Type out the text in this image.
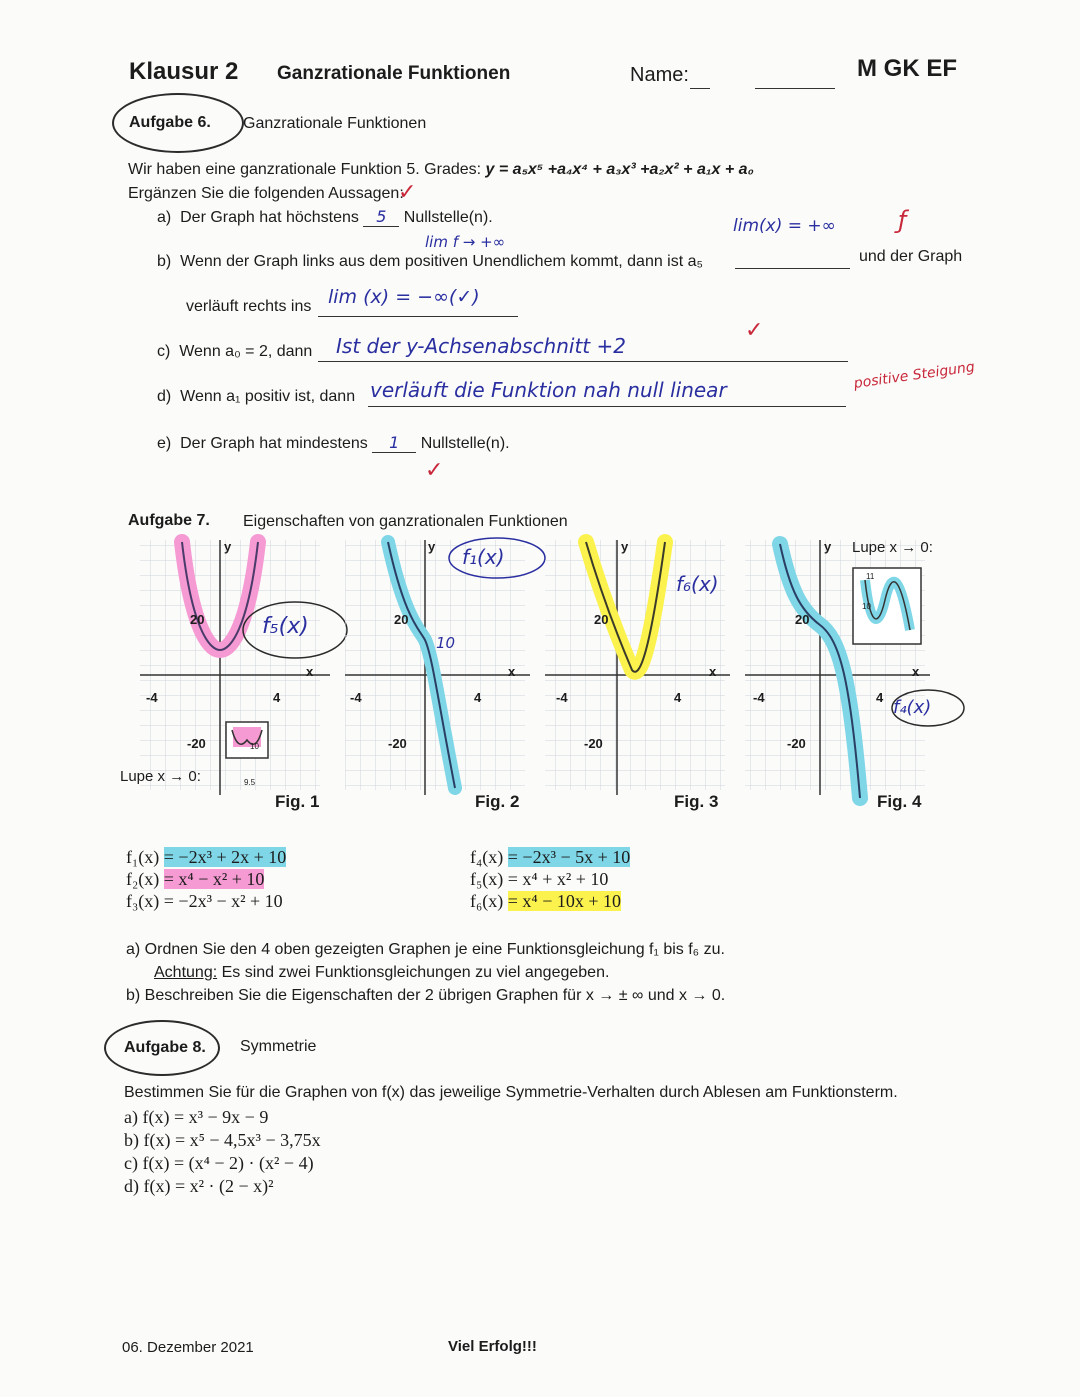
Klausur 2 Ganzrationale Funktionen	Name:	M GK EF
Aufgabe 6. Ganzrationale Funktionen
Wir haben eine ganzrationale Funktion 5. Grades: y = a₅x⁵ +a₄x⁴ + a₃x³ +a₂x² + a₁x + a₀
Ergänzen Sie die folgenden Aussagen:
a) Der Graph hat höchstens 5 Nullstelle(n).
✓
lim f → +∞
b) Wenn der Graph links aus dem positiven Unendlichem kommt, dann ist a₅
lim(x) = +∞	ƒ
und der Graph
verläuft rechts ins lim (x) = −∞(✓)
c) Wenn a₀ = 2, dann Ist der y-Achsenabschnitt +2
✓
d) Wenn a₁ positiv ist, dann verläuft die Funktion nah null linear	positive Steigung
e) Der Graph hat mindestens 1 Nullstelle(n).
✓
Aufgabe 7. Eigenschaften von ganzrationalen Funktionen
y
20
-20
-4	4
x
f₅(x)
Lupe x → 0:
10
9.5
Fig. 1
y
20
-20
-4	4
x
f₁(x)
10
Fig. 2
y
20
-20
-4	4
x
f₆(x)
Fig. 3
y Lupe x → 0:
11
10
20
-20
-4	4
x
f₄(x)
Fig. 4
f₁(x) = −2x³ + 2x + 10
f₂(x) = x⁴ − x² + 10
f₃(x) = −2x³ − x² + 10
f₄(x) = −2x³ − 5x + 10
f₅(x) = x⁴ + x² + 10
f₆(x) = x⁴ − 10x + 10
a) Ordnen Sie den 4 oben gezeigten Graphen je eine Funktionsgleichung f₁ bis f₆ zu.
Achtung: Es sind zwei Funktionsgleichungen zu viel angegeben.
b) Beschreiben Sie die Eigenschaften der 2 übrigen Graphen für x → ± ∞ und x → 0.
Aufgabe 8. Symmetrie
Bestimmen Sie für die Graphen von f(x) das jeweilige Symmetrie-Verhalten durch Ablesen am Funktionsterm.
a) f(x) = x³ − 9x − 9
b) f(x) = x⁵ − 4,5x³ − 3,75x
c) f(x) = (x⁴ − 2) · (x² − 4)
d) f(x) = x² · (2 − x)²
06. Dezember 2021	Viel Erfolg!!!
